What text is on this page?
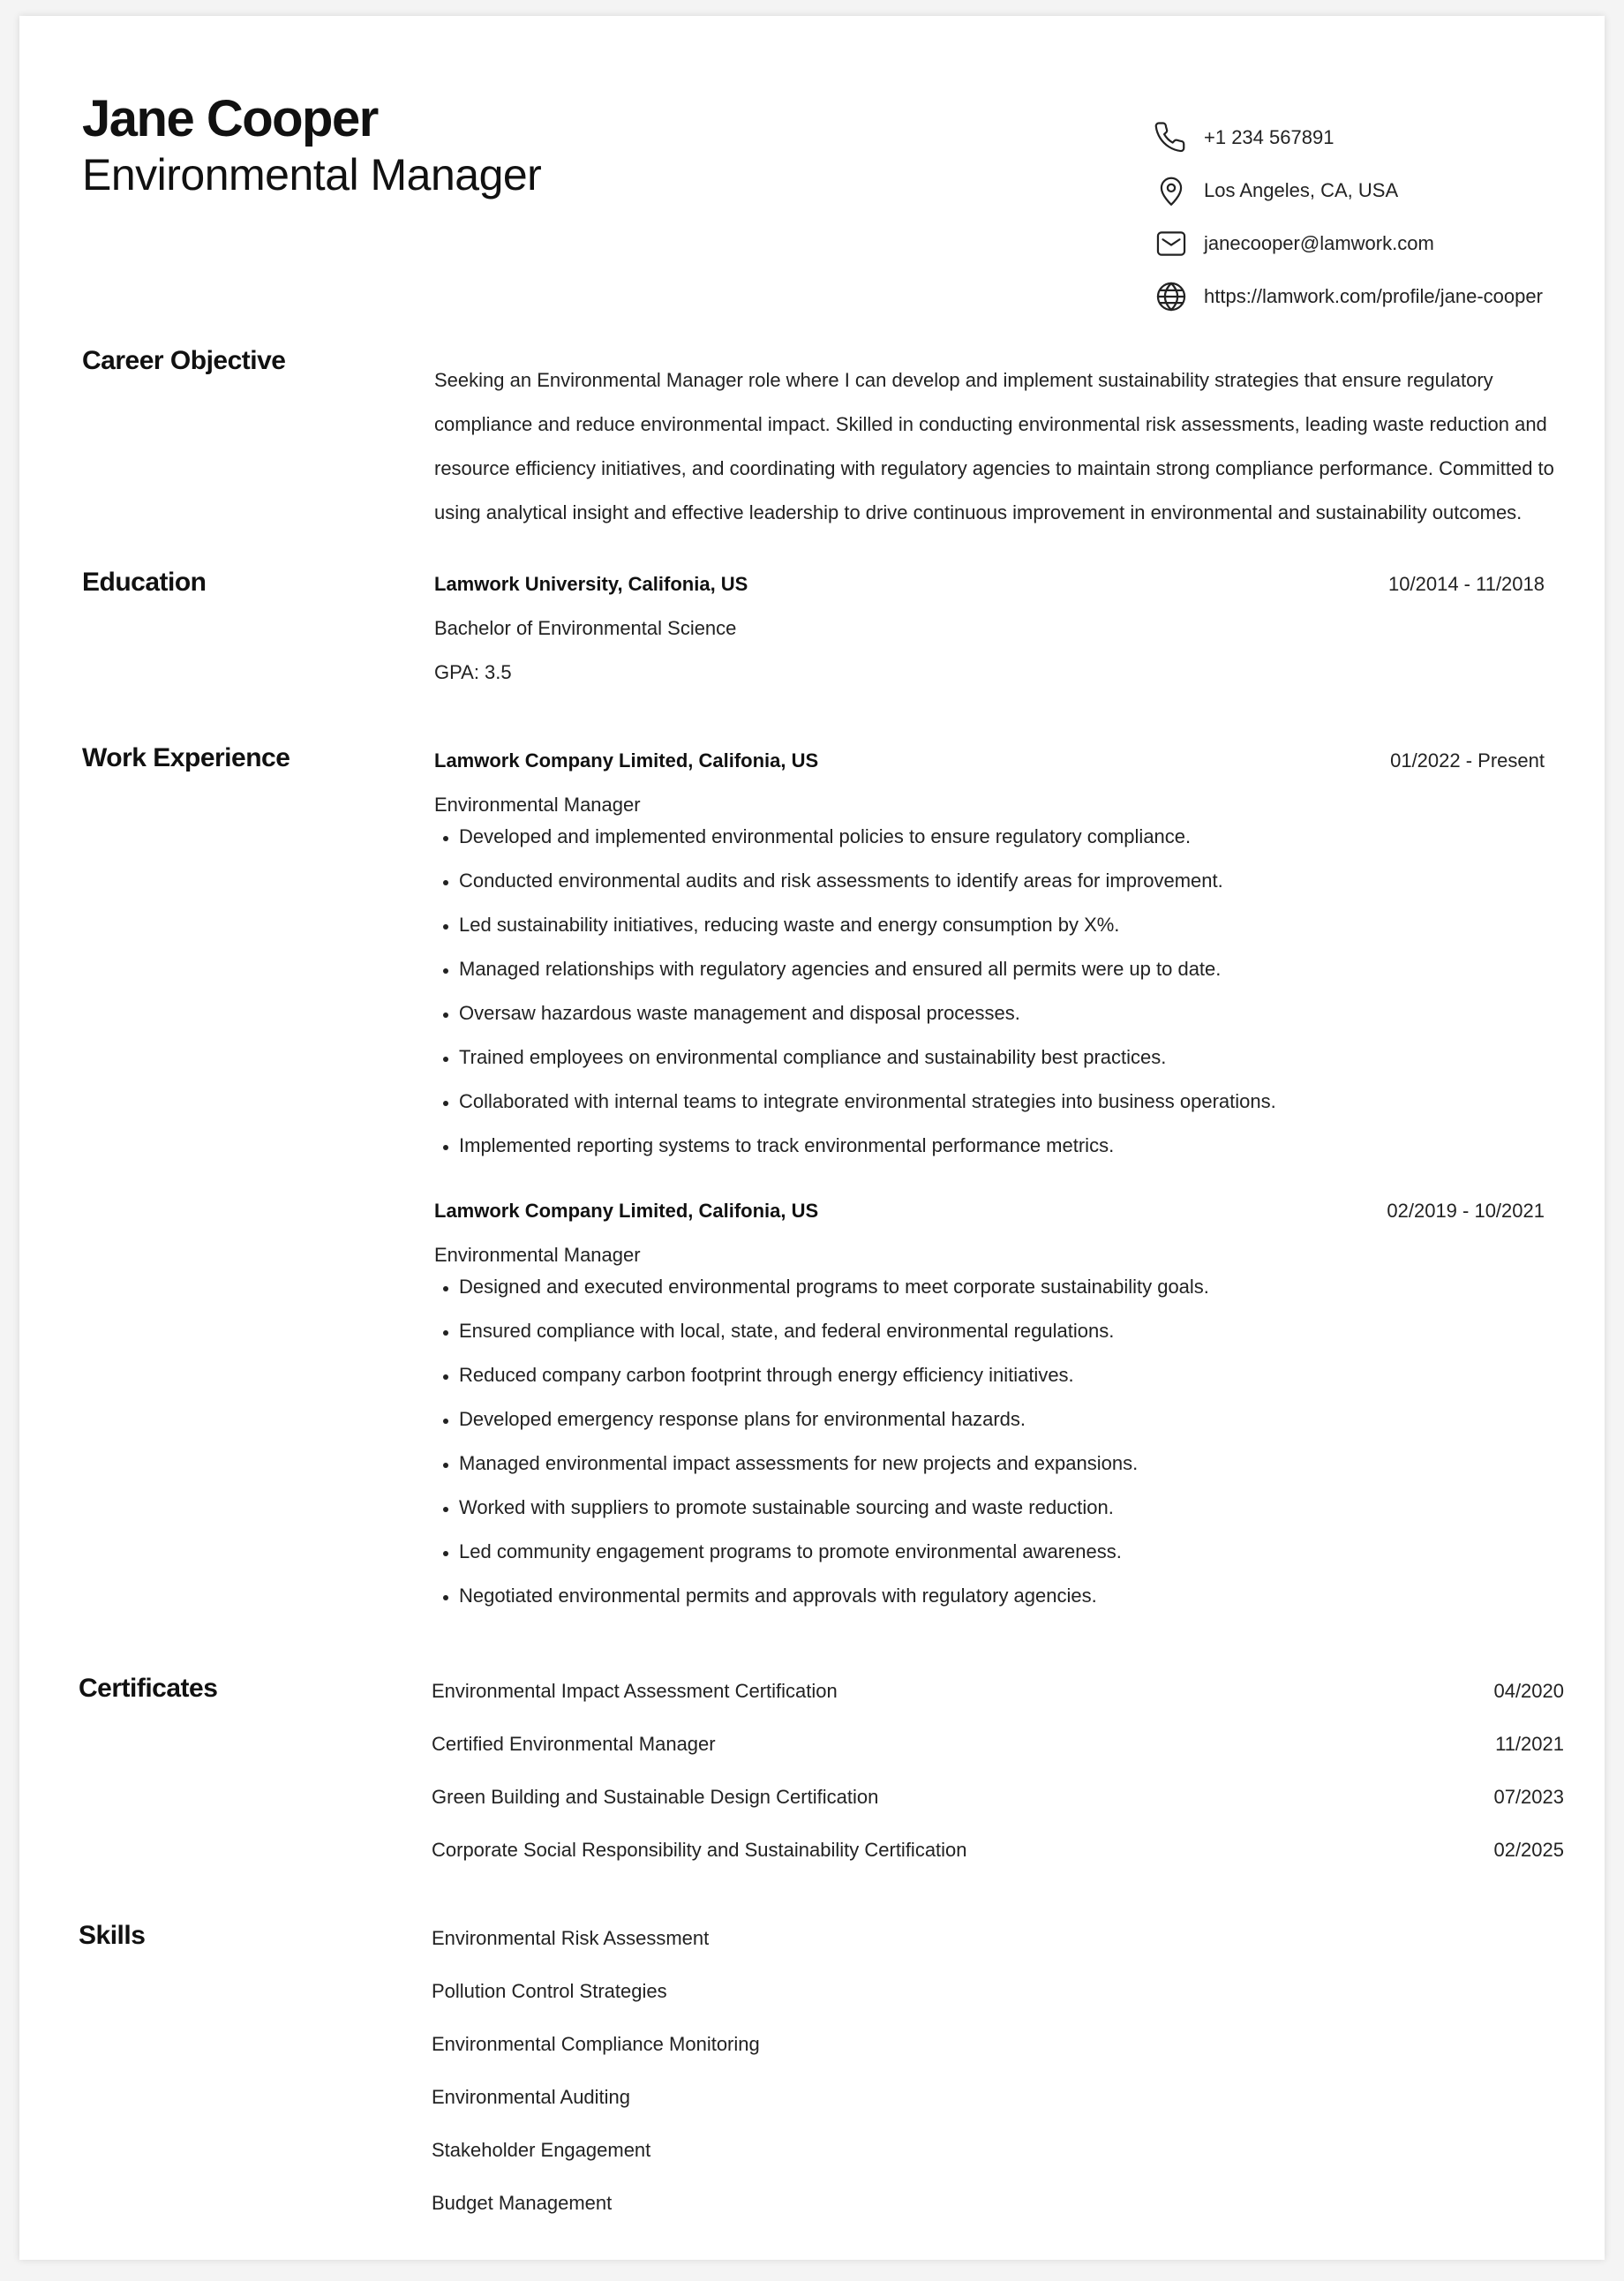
Jane Cooper
Environmental Manager
+1 234 567891
Los Angeles, CA, USA
janecooper@lamwork.com
https://lamwork.com/profile/jane-cooper
Career Objective
Seeking an Environmental Manager role where I can develop and implement sustainability strategies that ensure regulatory compliance and reduce environmental impact. Skilled in conducting environmental risk assessments, leading waste reduction and resource efficiency initiatives, and coordinating with regulatory agencies to maintain strong compliance performance. Committed to using analytical insight and effective leadership to drive continuous improvement in environmental and sustainability outcomes.
Education	Lamwork University, Califonia, US	10/2014 - 11/2018
Bachelor of Environmental Science
GPA: 3.5
Work Experience	Lamwork Company Limited, Califonia, US	01/2022 - Present
Environmental Manager
• Developed and implemented environmental policies to ensure regulatory compliance.
• Conducted environmental audits and risk assessments to identify areas for improvement.
• Led sustainability initiatives, reducing waste and energy consumption by X%.
• Managed relationships with regulatory agencies and ensured all permits were up to date.
• Oversaw hazardous waste management and disposal processes.
• Trained employees on environmental compliance and sustainability best practices.
• Collaborated with internal teams to integrate environmental strategies into business operations.
• Implemented reporting systems to track environmental performance metrics.
Lamwork Company Limited, Califonia, US	02/2019 - 10/2021
Environmental Manager
• Designed and executed environmental programs to meet corporate sustainability goals.
• Ensured compliance with local, state, and federal environmental regulations.
• Reduced company carbon footprint through energy efficiency initiatives.
• Developed emergency response plans for environmental hazards.
• Managed environmental impact assessments for new projects and expansions.
• Worked with suppliers to promote sustainable sourcing and waste reduction.
• Led community engagement programs to promote environmental awareness.
• Negotiated environmental permits and approvals with regulatory agencies.
Certificates	Environmental Impact Assessment Certification	04/2020
Certified Environmental Manager	11/2021
Green Building and Sustainable Design Certification	07/2023
Corporate Social Responsibility and Sustainability Certification	02/2025
Skills	Environmental Risk Assessment
Pollution Control Strategies
Environmental Compliance Monitoring
Environmental Auditing
Stakeholder Engagement
Budget Management
